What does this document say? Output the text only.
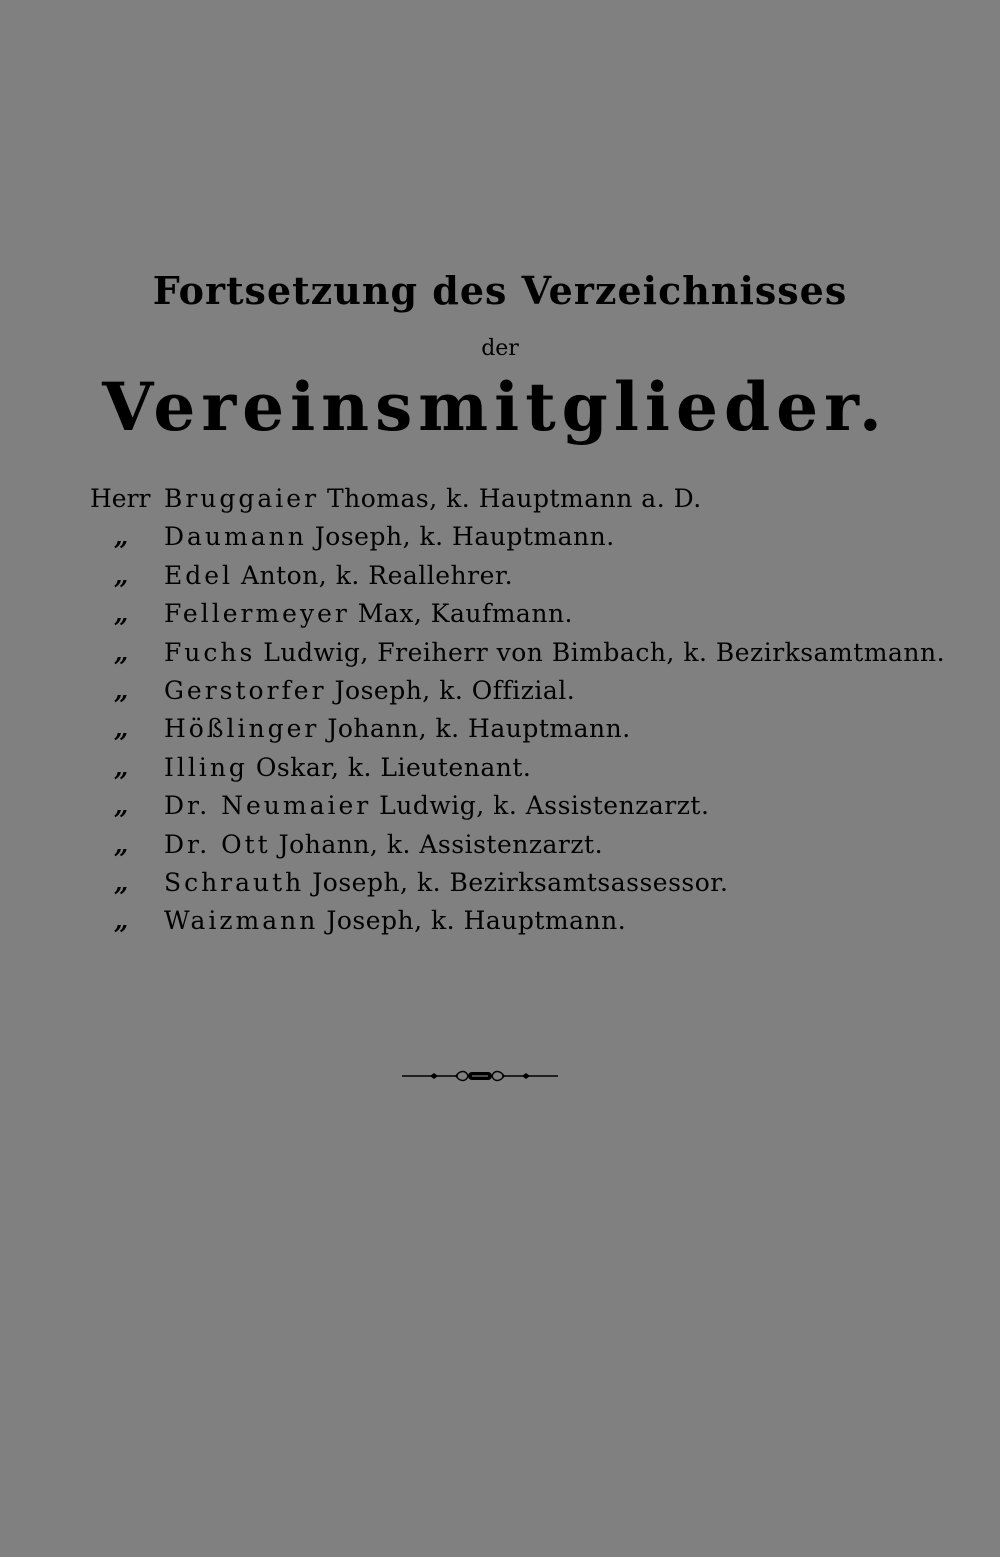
Fortsetzung des Verzeichnisses
der
Vereinsmitglieder.
Herr Bruggaier Thomas, k. Hauptmann a. D.
„ Daumann Joseph, k. Hauptmann.
„ Edel Anton, k. Reallehrer.
„ Fellermeyer Max, Kaufmann.
„ Fuchs Ludwig, Freiherr von Bimbach, k. Bezirksamtmann.
„ Gerstorfer Joseph, k. Offizial.
„ Hößlinger Johann, k. Hauptmann.
„ Illing Oskar, k. Lieutenant.
„ Dr. Neumaier Ludwig, k. Assistenzarzt.
„ Dr. Ott Johann, k. Assistenzarzt.
„ Schrauth Joseph, k. Bezirksamtsassessor.
„ Waizmann Joseph, k. Hauptmann.
